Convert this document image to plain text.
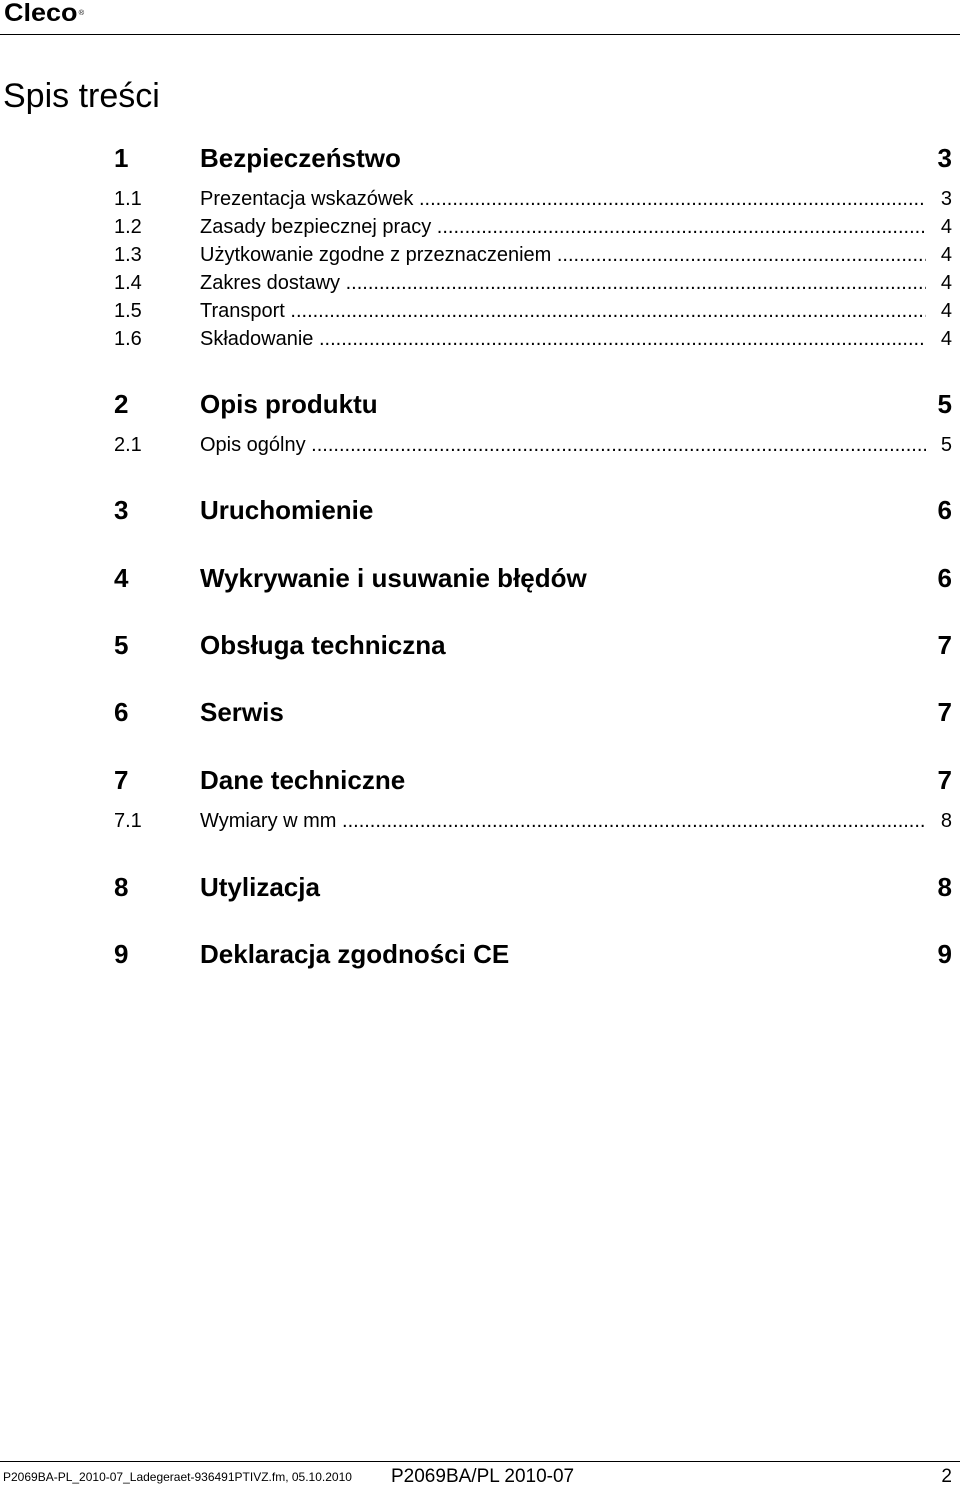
Cleco®
Spis treści
1	Bezpieczeństwo	3
1.1	Prezentacja wskazówek .....	3
1.2	Zasady bezpiecznej pracy .....	4
1.3	Użytkowanie zgodne z przeznaczeniem .....	4
1.4	Zakres dostawy .....	4
1.5	Transport .....	4
1.6	Składowanie .....	4
2	Opis produktu	5
2.1	Opis ogólny .....	5
3	Uruchomienie	6
4	Wykrywanie i usuwanie błędów	6
5	Obsługa techniczna	7
6	Serwis	7
7	Dane techniczne	7
7.1	Wymiary w mm .....	8
8	Utylizacja	8
9	Deklaracja zgodności CE	9
P2069BA-PL_2010-07_Ladegeraet-936491PTIVZ.fm, 05.10.2010 P2069BA/PL 2010-07	2
